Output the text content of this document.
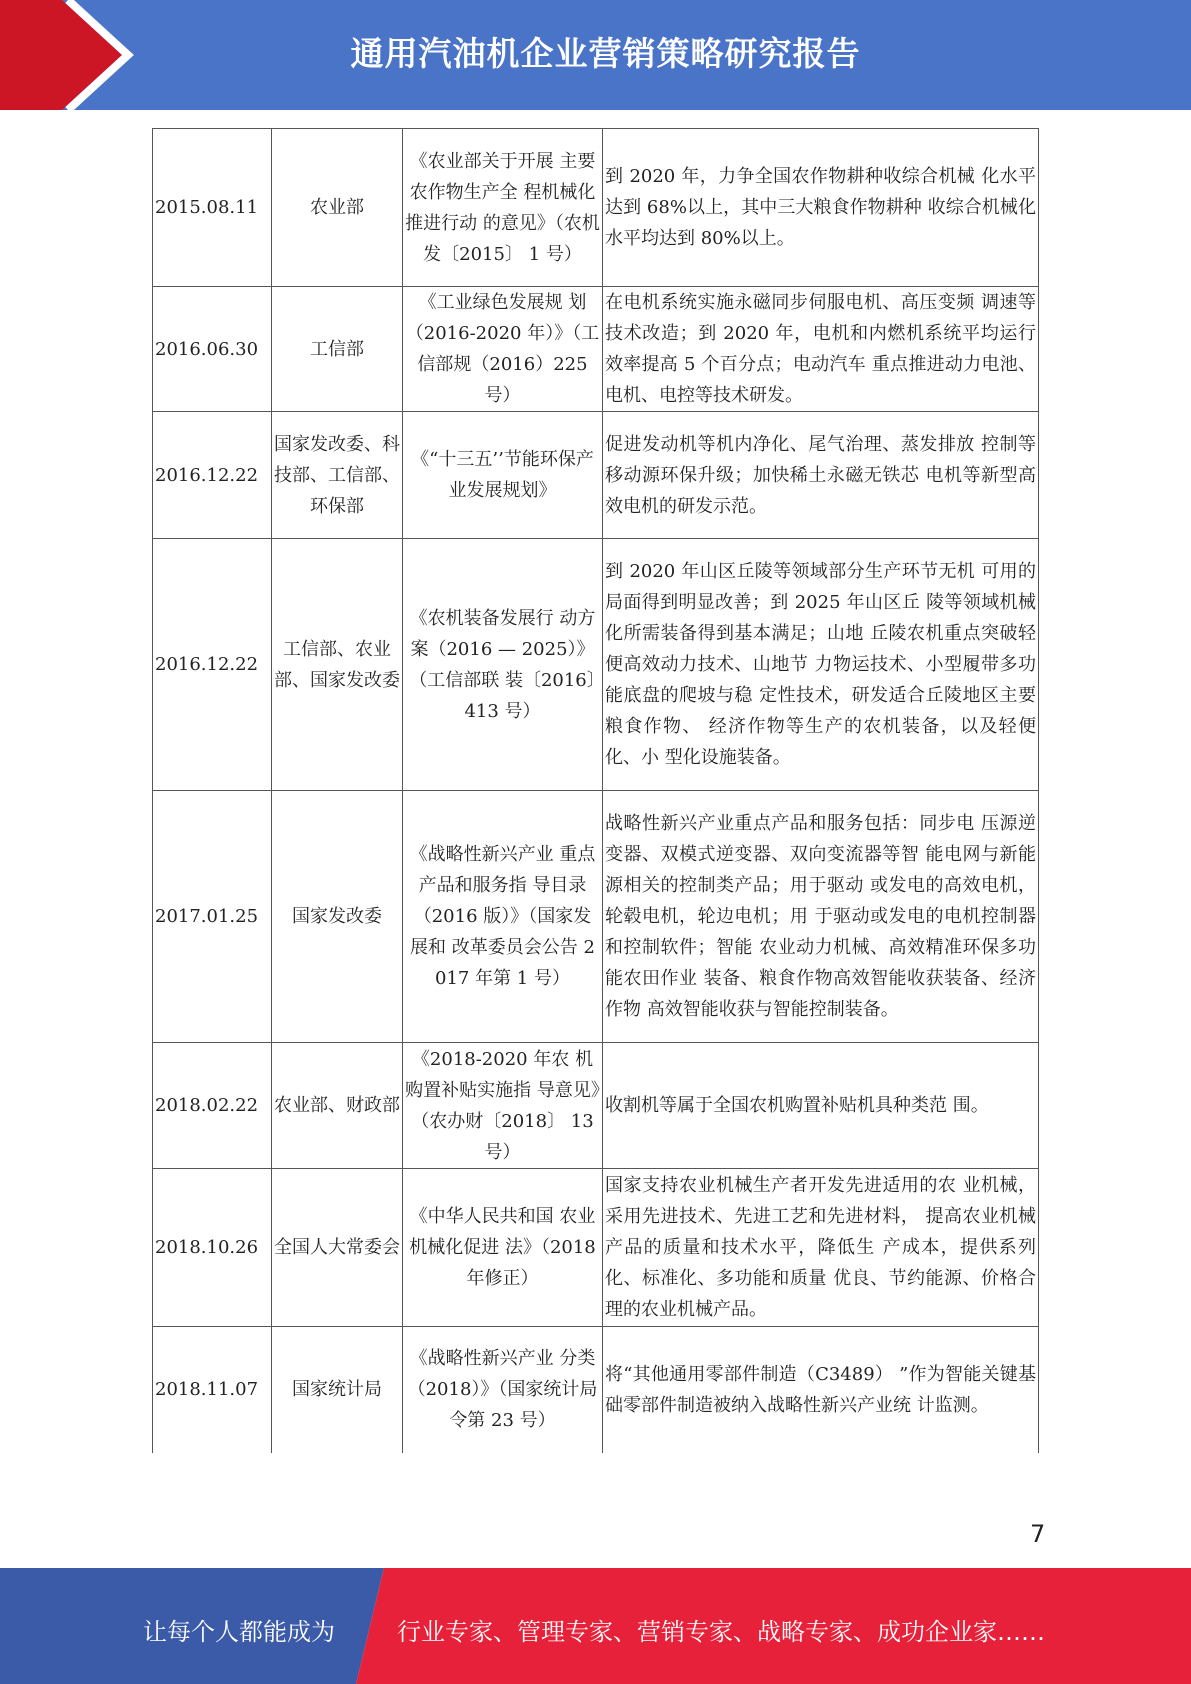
通用汽油机企业营销策略研究报告
2015.08.11	农业部	《农业部关于开展 主要农作物生产全 程机械化推进行动 的意见》（农机发〔2015〕 1 号）	到 2020 年，力争全国农作物耕种收综合机械 化水平达到 68%以上，其中三大粮食作物耕种 收综合机械化水平均达到 80%以上。
2016.06.30	工信部	《工业绿色发展规 划（2016-2020 年）》（工信部规（2016）225 号）	在电机系统实施永磁同步伺服电机、高压变频 调速等技术改造；到 2020 年，电机和内燃机系统平均运行效率提高 5 个百分点；电动汽车 重点推进动力电池、电机、电控等技术研发。
2016.12.22	国家发改委、科技部、工信部、环保部	《“十三五’’节能环保产业发展规划》	促进发动机等机内净化、尾气治理、蒸发排放 控制等移动源环保升级；加快稀土永磁无铁芯 电机等新型高效电机的研发示范。
2016.12.22	工信部、农业部、国家发改委	《农机装备发展行 动方案（2016 — 2025）》（工信部联 装〔2016〕413 号）	到 2020 年山区丘陵等领域部分生产环节无机 可用的局面得到明显改善；到 2025 年山区丘 陵等领域机械化所需装备得到基本满足；山地 丘陵农机重点突破轻便高效动力技术、山地节 力物运技术、小型履带多功能底盘的爬坡与稳 定性技术，研发适合丘陵地区主要粮食作物、 经济作物等生产的农机装备，以及轻便化、小 型化设施装备。
2017.01.25	国家发改委	《战略性新兴产业 重点产品和服务指 导目录（2016 版）》（国家发展和 改革委员会公告 2017 年第 1 号）	战略性新兴产业重点产品和服务包括：同步电 压源逆变器、双模式逆变器、双向变流器等智 能电网与新能源相关的控制类产品；用于驱动 或发电的高效电机，轮毂电机，轮边电机；用 于驱动或发电的电机控制器和控制软件；智能 农业动力机械、高效精准环保多功能农田作业 装备、粮食作物高效智能收获装备、经济作物 高效智能收获与智能控制装备。
2018.02.22	农业部、财政部	《2018-2020 年农 机购置补贴实施指 导意见》（农办财〔2018〕 13 号）	收割机等属于全国农机购置补贴机具种类范 围。
2018.10.26	全国人大常委会	《中华人民共和国 农业机械化促进 法》（2018 年修正）	国家支持农业机械生产者开发先进适用的农 业机械，采用先进技术、先进工艺和先进材料， 提高农业机械产品的质量和技术水平，降低生 产成本，提供系列化、标准化、多功能和质量 优良、节约能源、价格合理的农业机械产品。
2018.11.07	国家统计局	《战略性新兴产业 分类（2018）》（国家统计局令第 23 号）	将“其他通用零部件制造（C3489） ”作为智能关键基础零部件制造被纳入战略性新兴产业统 计监测。
7
让每个人都能成为	行业专家、管理专家、营销专家、战略专家、成功企业家……
